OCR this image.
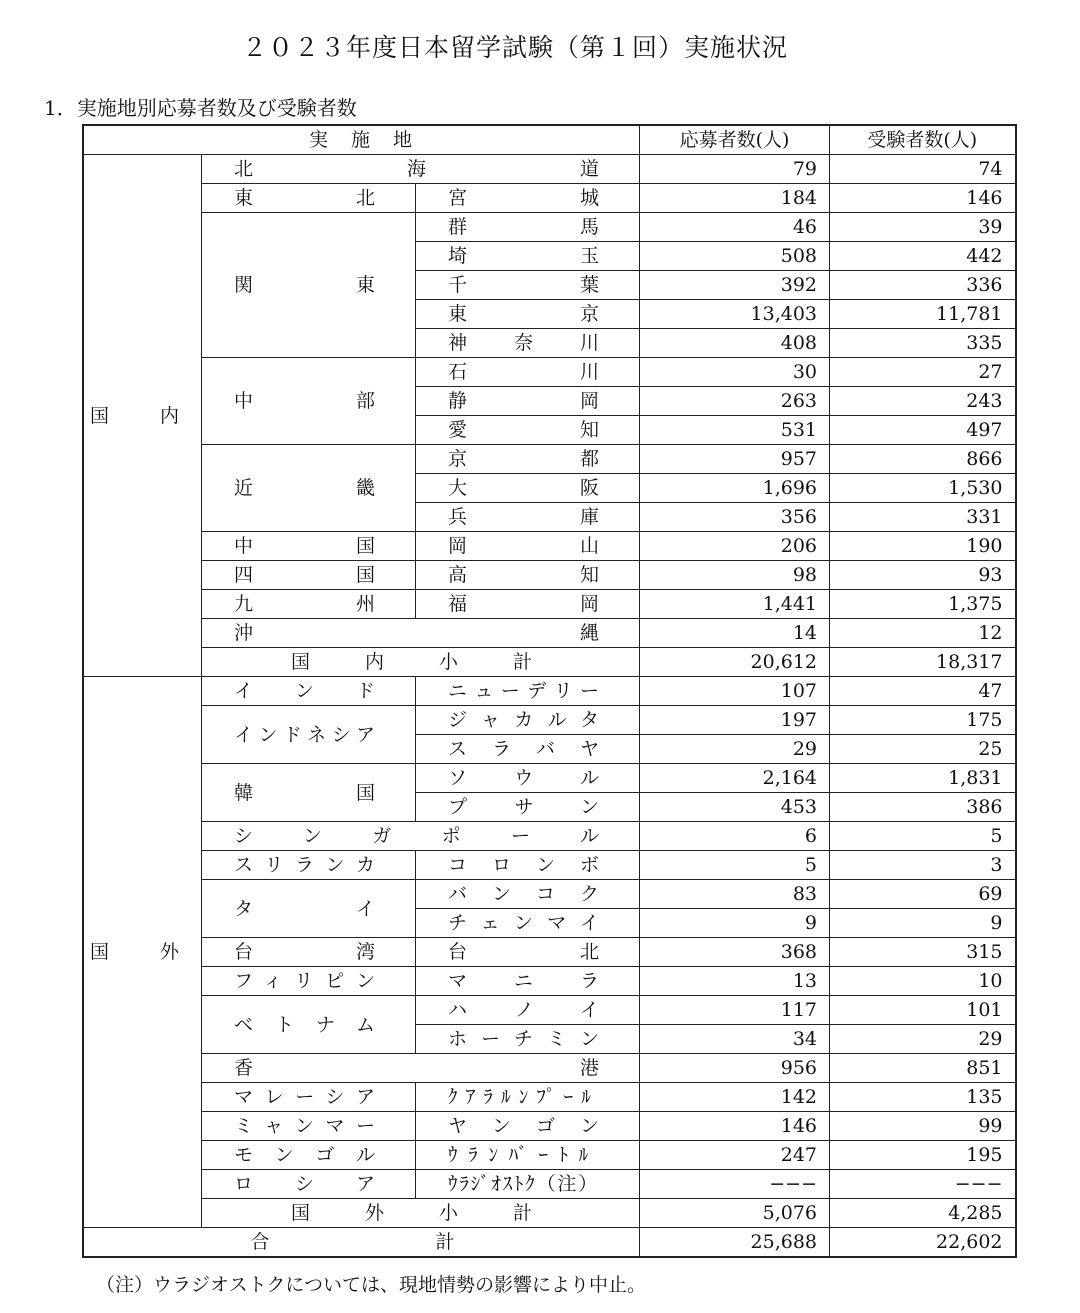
２０２３年度日本留学試験（第１回）実施状況
1．実施地別応募者数及び受験者数
実　施　地			応募者数(人)	受験者数(人)
国　内	北　海　道		79	74
	東　　北	宮　　城	184	146
	関　　東	群　　馬	46	39
		埼　　玉	508	442
		千　　葉	392	336
		東　　京	13,403	11,781
		神　奈　川	408	335
	中　　部	石　　川	30	27
		静　　岡	263	243
		愛　　知	531	497
	近　　畿	京　　都	957	866
		大　　阪	1,696	1,530
		兵　　庫	356	331
	中　　国	岡　　山	206	190
	四　　国	高　　知	98	93
	九　　州	福　　岡	1,441	1,375
	沖　　縄		14	12
	国　内　小　計		20,612	18,317
国　外	イ　ン　ド	ニューデリー	107	47
	インドネシア	ジャカルタ	197	175
		スラバヤ	29	25
	韓　　国	ソウル	2,164	1,831
		プサン	453	386
	シンガポール		6	5
	スリランカ	コロンボ	5	3
	タ　　イ	バンコク	83	69
		チェンマイ	9	9
	台　　湾	台　　北	368	315
	フィリピン	マニラ	13	10
	ベトナム	ハノイ	117	101
		ホーチミン	34	29
	香　　港		956	851
	マレーシア	ｸｱﾗﾙﾝﾌﾟｰﾙ	142	135
	ミャンマー	ヤンゴン	146	99
	モンゴル	ｳﾗﾝﾊﾞｰﾄﾙ	247	195
	ロ　シ　ア	ｳﾗｼﾞｵｽﾄｸ（注）	−−−	−−−
	国　外　小　計		5,076	4,285
合　　　　計			25,688	22,602
（注）ウラジオストクについては、現地情勢の影響により中止。
